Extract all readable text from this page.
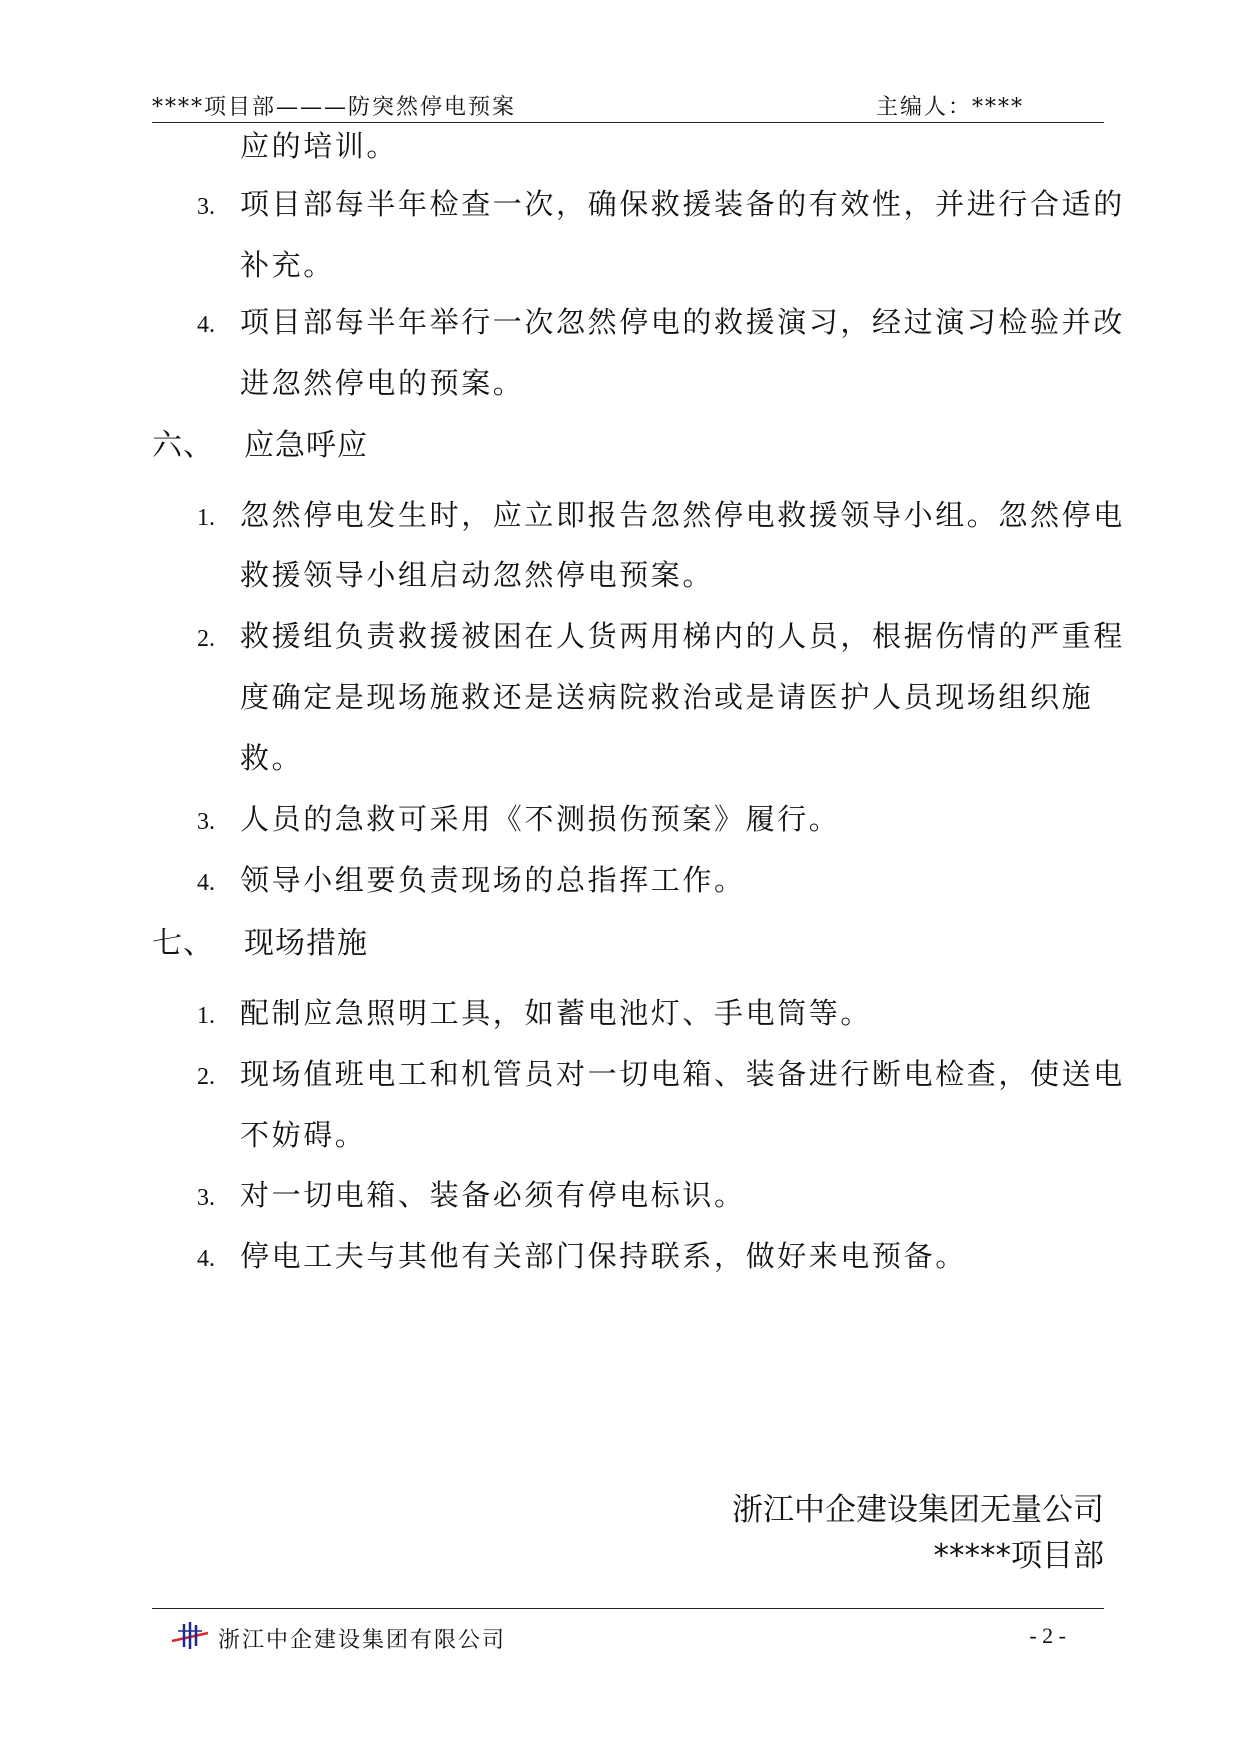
****项目部———防突然停电预案	主编人：****
应的培训。
3. 项目部每半年检查一次，确保救援装备的有效性，并进行合适的
补充。
4. 项目部每半年举行一次忽然停电的救援演习，经过演习检验并改
进忽然停电的预案。
六、 应急呼应
1. 忽然停电发生时，应立即报告忽然停电救援领导小组。忽然停电
救援领导小组启动忽然停电预案。
2. 救援组负责救援被困在人货两用梯内的人员，根据伤情的严重程
度确定是现场施救还是送病院救治或是请医护人员现场组织施
救。
3. 人员的急救可采用《不测损伤预案》履行。
4. 领导小组要负责现场的总指挥工作。
七、 现场措施
1. 配制应急照明工具，如蓄电池灯、手电筒等。
2. 现场值班电工和机管员对一切电箱、装备进行断电检查，使送电
不妨碍。
3. 对一切电箱、装备必须有停电标识。
4. 停电工夫与其他有关部门保持联系，做好来电预备。
浙江中企建设集团无量公司
*****项目部
浙江中企建设集团有限公司	- 2 -
